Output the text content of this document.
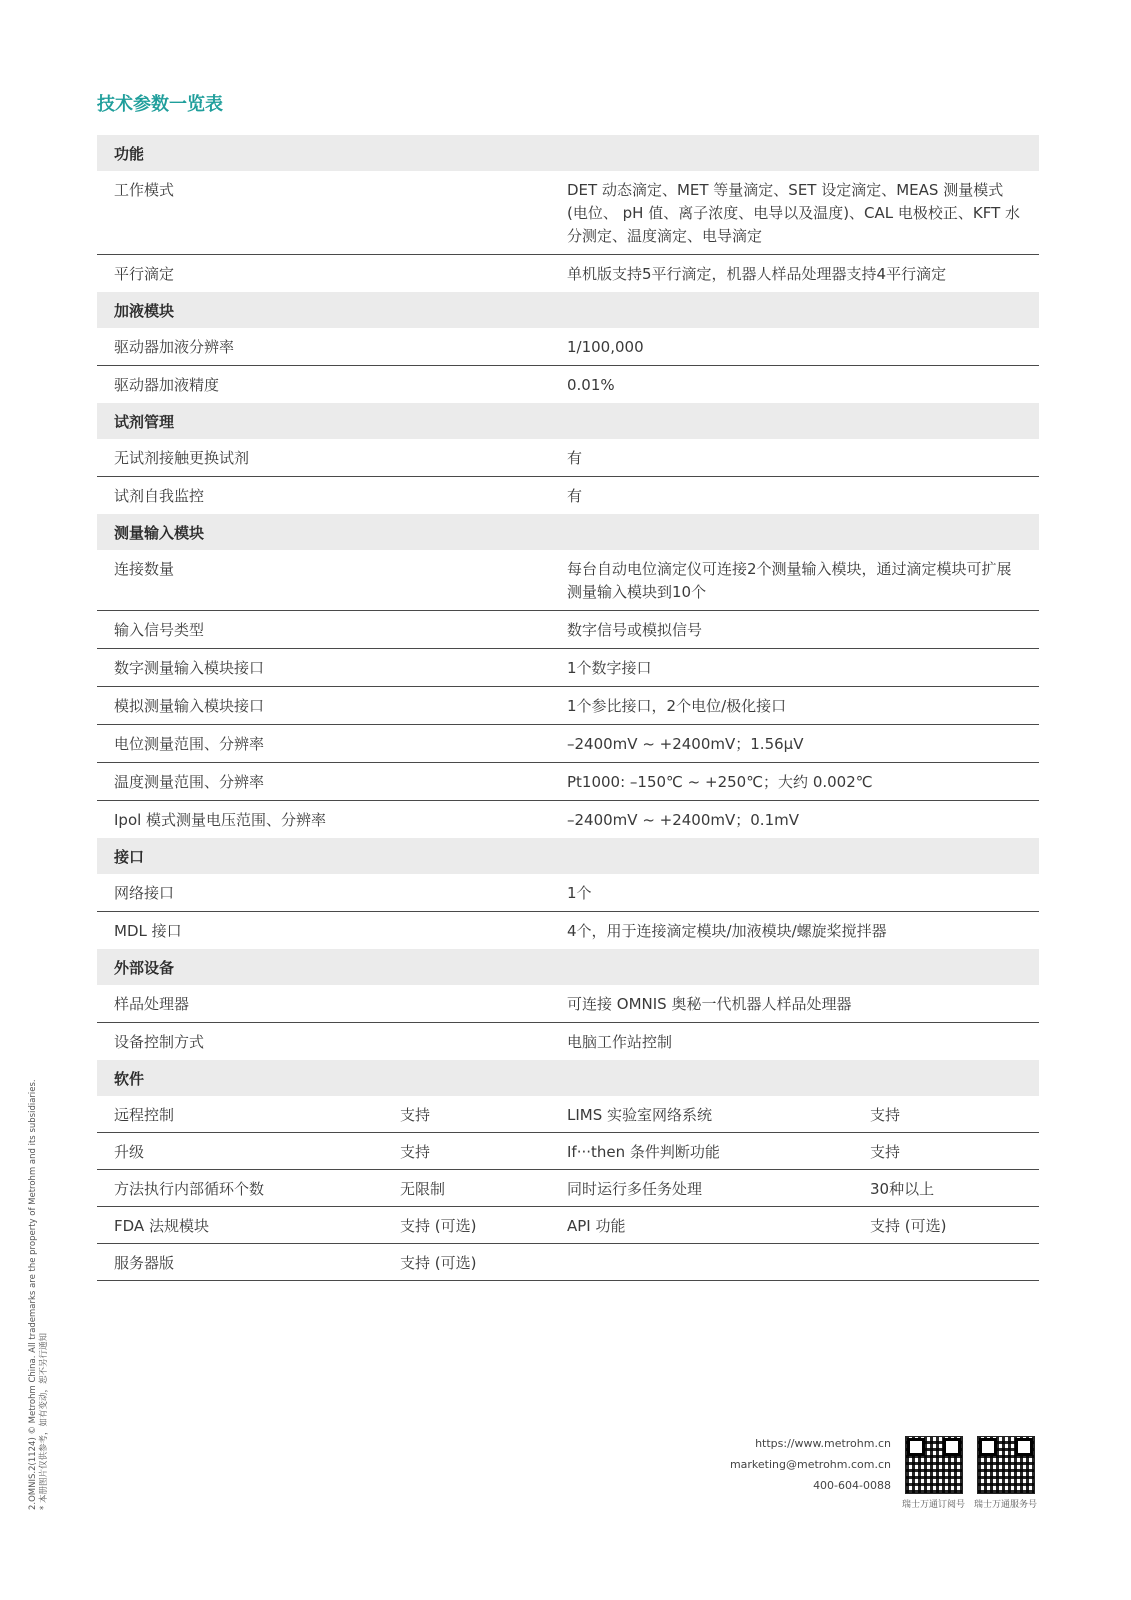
技术参数一览表
功能
工作模式	DET 动态滴定、MET 等量滴定、SET 设定滴定、MEAS 测量模式 (电位、 pH 值、离子浓度、电导以及温度)、CAL 电极校正、KFT 水分测定、温度滴定、电导滴定
平行滴定	单机版支持5平行滴定，机器人样品处理器支持4平行滴定
加液模块
驱动器加液分辨率	1/100,000
驱动器加液精度	0.01%
试剂管理
无试剂接触更换试剂	有
试剂自我监控	有
测量输入模块
连接数量	每台自动电位滴定仪可连接2个测量输入模块，通过滴定模块可扩展测量输入模块到10个
输入信号类型	数字信号或模拟信号
数字测量输入模块接口	1个数字接口
模拟测量输入模块接口	1个参比接口，2个电位/极化接口
电位测量范围、分辨率	–2400mV ~ +2400mV；1.56μV
温度测量范围、分辨率	Pt1000: –150℃ ~ +250℃；大约 0.002℃
Ipol 模式测量电压范围、分辨率	–2400mV ~ +2400mV；0.1mV
接口
网络接口	1个
MDL 接口	4个，用于连接滴定模块/加液模块/螺旋桨搅拌器
外部设备
样品处理器	可连接 OMNIS 奥秘一代机器人样品处理器
设备控制方式	电脑工作站控制
软件
远程控制	支持	LIMS 实验室网络系统	支持
升级	支持	If···then 条件判断功能	支持
方法执行内部循环个数	无限制	同时运行多任务处理	30种以上
FDA 法规模块	支持 (可选)	API 功能	支持 (可选)
服务器版	支持 (可选)
2.OMNIS.2(1124) © Metrohm China. All trademarks are the property of Metrohm and its subsidiaries. * 本册图片仅供参考，如有变动，恕不另行通知	https://www.metrohm.cn
marketing@metrohm.com.cn
400-604-0088
瑞士万通订阅号 瑞士万通服务号
